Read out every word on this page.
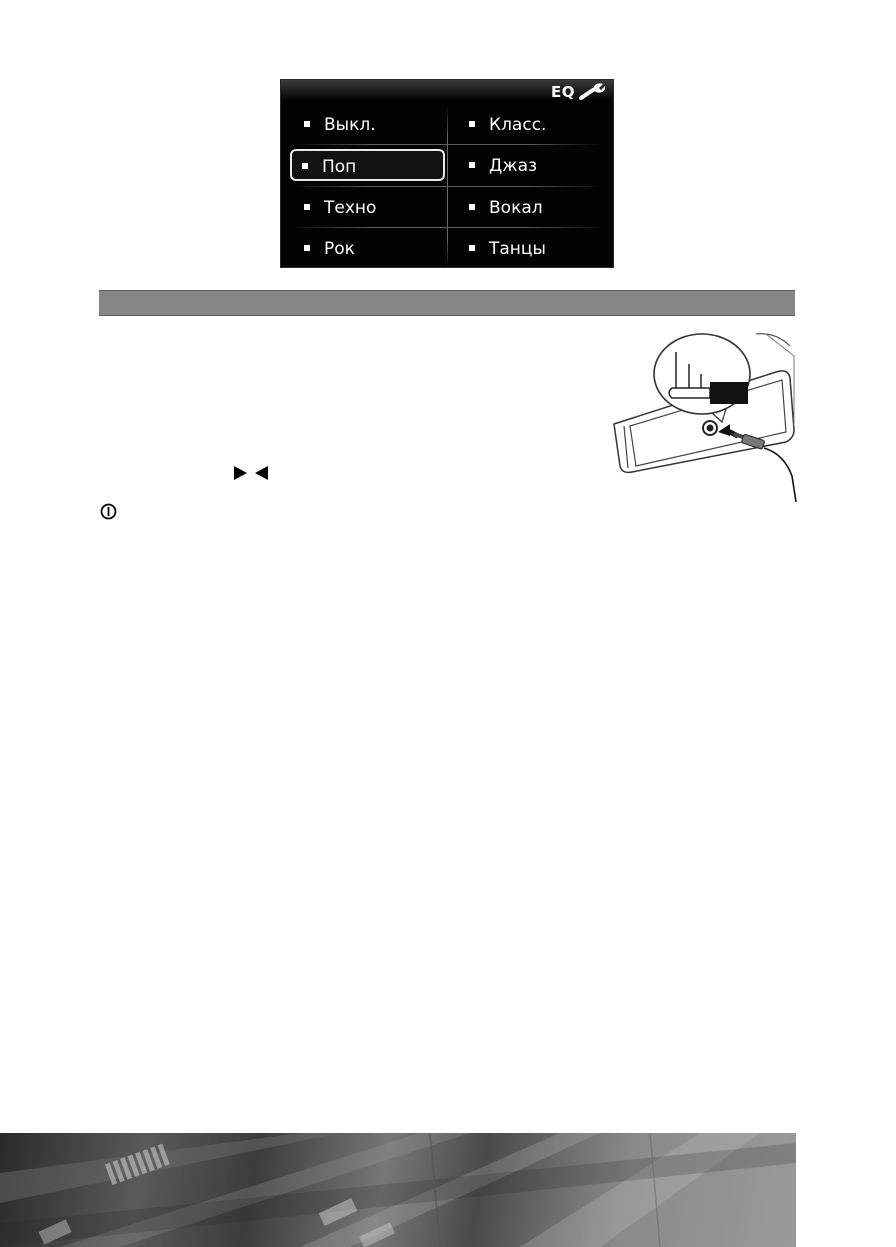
EQ
Выкл.
Поп
Техно
Рок
Класс.
Джаз
Вокал
Танцы
